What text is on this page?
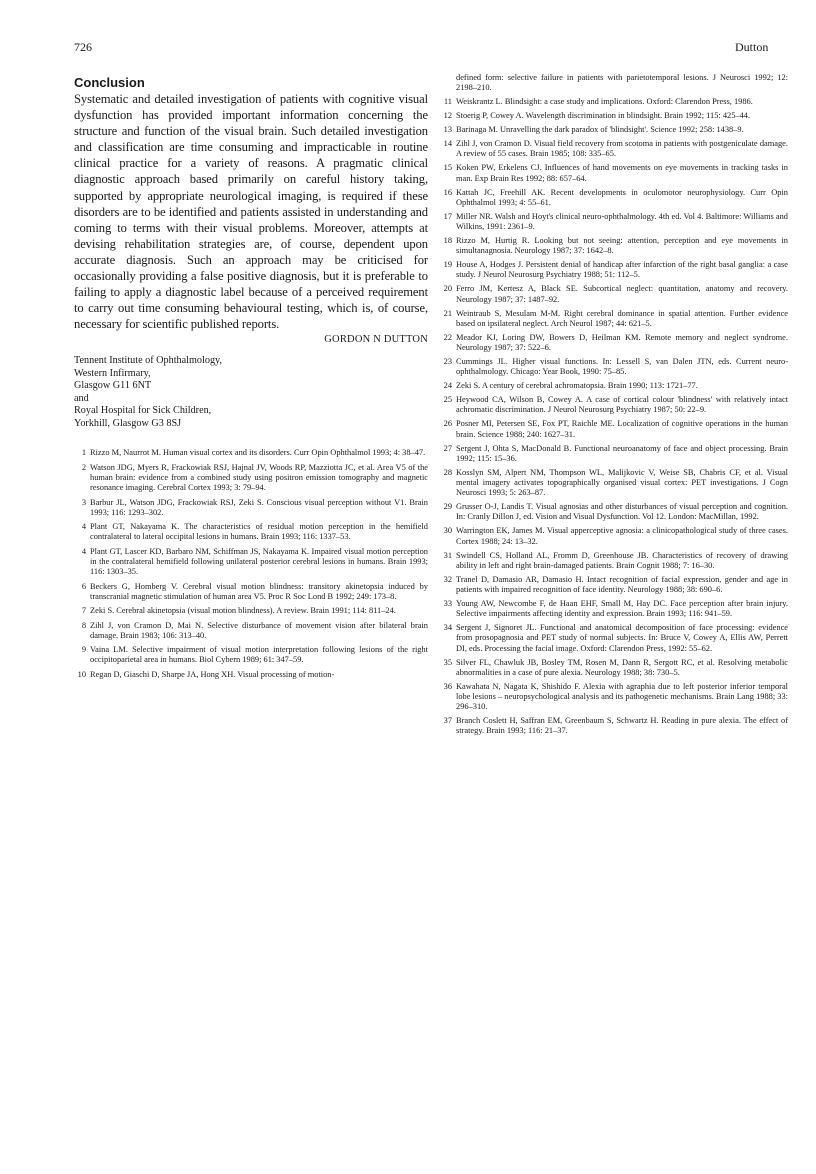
726	Dutton
Conclusion

Systematic and detailed investigation of patients with cognitive visual dysfunction has provided important information concerning the structure and function of the visual brain. Such detailed investigation and classification are time consuming and impracticable in routine clinical practice for a variety of reasons. A pragmatic clinical diagnostic approach based primarily on careful history taking, supported by appropriate neurological imaging, is required if these disorders are to be identified and patients assisted in understanding and coming to terms with their visual problems. Moreover, attempts at devising rehabilitation strategies are, of course, dependent upon accurate diagnosis. Such an approach may be criticised for occasionally providing a false positive diagnosis, but it is preferable to failing to apply a diagnostic label because of a perceived requirement to carry out time consuming behavioural testing, which is, of course, necessary for scientific published reports.

GORDON N DUTTON
Tennent Institute of Ophthalmology,
Western Infirmary,
Glasgow G11 6NT
and
Royal Hospital for Sick Children,
Yorkhill, Glasgow G3 8SJ
1 Rizzo M, Naurrot M. Human visual cortex and its disorders. Curr Opin Ophthalmol 1993; 4: 38–47.
2 Watson JDG, Myers R, Frackowiak RSJ, Hajnal JV, Woods RP, Mazziotta JC, et al. Area V5 of the human brain: evidence from a combined study using positron emission tomography and magnetic resonance imaging. Cerebral Cortex 1993; 3: 79–94.
3 Barbur JL, Watson JDG, Frackowiak RSJ, Zeki S. Conscious visual perception without V1. Brain 1993; 116: 1293–302.
4 Plant GT, Nakayama K. The characteristics of residual motion perception in the hemifield contralateral to lateral occipital lesions in humans. Brain 1993; 116: 1337–53.
4 Plant GT, Lascer KD, Barbaro NM, Schiffman JS, Nakayama K. Impaired visual motion perception in the contralateral hemifield following unilateral posterior cerebral lesions in humans. Brain 1993; 116: 1303–35.
6 Beckers G, Homberg V. Cerebral visual motion blindness: transitory akinetopsia induced by transcranial magnetic stimulation of human area V5. Proc R Soc Lond B 1992; 249: 173–8.
7 Zeki S. Cerebral akinetopsia (visual motion blindness). A review. Brain 1991; 114: 811–24.
8 Zihl J, von Cramon D, Mai N. Selective disturbance of movement vision after bilateral brain damage. Brain 1983; 106: 313–40.
9 Vaina LM. Selective impairment of visual motion interpretation following lesions of the right occipitoparietal area in humans. Biol Cybern 1989; 61: 347–59.
10 Regan D, Giaschi D, Sharpe JA, Hong XH. Visual processing of motion-
defined form: selective failure in patients with parietotemporal lesions. J Neurosci 1992; 12: 2198–210.
11 Weiskrantz L. Blindsight: a case study and implications. Oxford: Clarendon Press, 1986.
12 Stoerig P, Cowey A. Wavelength discrimination in blindsight. Brain 1992; 115: 425–44.
13 Barinaga M. Unravelling the dark paradox of 'blindsight'. Science 1992; 258: 1438–9.
14 Zihl J, von Cramon D. Visual field recovery from scotoma in patients with postgeniculate damage. A review of 55 cases. Brain 1985; 108: 335–65.
15 Koken PW, Erkelens CJ. Influences of hand movements on eye movements in tracking tasks in man. Exp Brain Res 1992; 88: 657–64.
16 Kattah JC, Freehill AK. Recent developments in oculomotor neurophysiology. Curr Opin Ophthalmol 1993; 4: 55–61.
17 Miller NR. Walsh and Hoyt's clinical neuro-ophthalmology. 4th ed. Vol 4. Baltimore: Williams and Wilkins, 1991: 2361–9.
18 Rizzo M, Hurtig R. Looking but not seeing: attention, perception and eye movements in simultanagnosia. Neurology 1987; 37: 1642–8.
19 House A, Hodges J. Persistent denial of handicap after infarction of the right basal ganglia: a case study. J Neurol Neurosurg Psychiatry 1988; 51: 112–5.
20 Ferro JM, Kertesz A, Black SE. Subcortical neglect: quantitation, anatomy and recovery. Neurology 1987; 37: 1487–92.
21 Weintraub S, Mesulam M-M. Right cerebral dominance in spatial attention. Further evidence based on ipsilateral neglect. Arch Neurol 1987; 44: 621–5.
22 Meador KJ, Loring DW, Bowers D, Heilman KM. Remote memory and neglect syndrome. Neurology 1987; 37: 522–6.
23 Cummings JL. Higher visual functions. In: Lessell S, van Dalen JTN, eds. Current neuro-ophthalmology. Chicago: Year Book, 1990: 75–85.
24 Zeki S. A century of cerebral achromatopsia. Brain 1990; 113: 1721–77.
25 Heywood CA, Wilson B, Cowey A. A case of cortical colour 'blindness' with relatively intact achromatic discrimination. J Neurol Neurosurg Psychiatry 1987; 50: 22–9.
26 Posner MI, Petersen SE, Fox PT, Raichle ME. Localization of cognitive operations in the human brain. Science 1988; 240: 1627–31.
27 Sergent J, Ohta S, MacDonald B. Functional neuroanatomy of face and object processing. Brain 1992; 115: 15–36.
28 Kosslyn SM, Alpert NM, Thompson WL, Malijkovic V, Weise SB, Chabris CF, et al. Visual mental imagery activates topographically organised visual cortex: PET investigations. J Cogn Neurosci 1993; 5: 263–87.
29 Grusser O-J, Landis T. Visual agnosias and other disturbances of visual perception and cognition. In: Cranly Dillon J, ed. Vision and Visual Dysfunction. Vol 12. London: MacMillan, 1992.
30 Warrington EK, James M. Visual apperceptive agnosia: a clinicopathological study of three cases. Cortex 1988; 24: 13–32.
31 Swindell CS, Holland AL, Fromm D, Greenhouse JB. Characteristics of recovery of drawing ability in left and right brain-damaged patients. Brain Cognit 1988; 7: 16–30.
32 Tranel D, Damasio AR, Damasio H. Intact recognition of facial expression, gender and age in patients with impaired recognition of face identity. Neurology 1988; 38: 690–6.
33 Young AW, Newcombe F, de Haan EHF, Small M, Hay DC. Face perception after brain injury. Selective impairments affecting identity and expression. Brain 1993; 116: 941–59.
34 Sergent J, Signoret JL. Functional and anatomical decomposition of face processing: evidence from prosopagnosia and PET study of normal subjects. In: Bruce V, Cowey A, Ellis AW, Perrett DI, eds. Processing the facial image. Oxford: Clarendon Press, 1992: 55–62.
35 Silver FL, Chawluk JB, Bosley TM, Rosen M, Dann R, Sergott RC, et al. Resolving metabolic abnormalities in a case of pure alexia. Neurology 1988; 38: 730–5.
36 Kawahata N, Nagata K, Shishido F. Alexia with agraphia due to left posterior inferior temporal lobe lesions – neuropsychological analysis and its pathogenetic mechanisms. Brain Lang 1988; 33: 296–310.
37 Branch Coslett H, Saffran EM, Greenbaum S, Schwartz H. Reading in pure alexia. The effect of strategy. Brain 1993; 116: 21–37.
